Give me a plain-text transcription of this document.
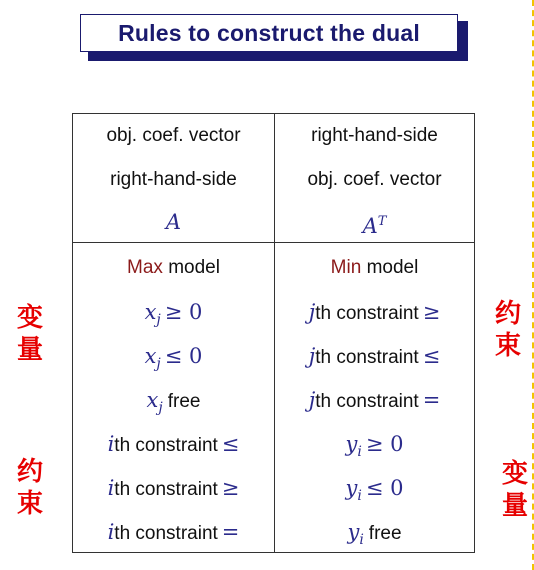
Rules to construct the dual
obj. coef. vector	right-hand-side
right-hand-side	obj. coef. vector
A	$A^T$
Max model	Min model
$x_j \ge 0$	jth constraint ≥
$x_j \le 0$	jth constraint ≤
$x_j$ free	jth constraint =
ith constraint ≤	$y_i \ge 0$
ith constraint ≥	$y_i \le 0$
ith constraint =	$y_i$ free
变
量
约
束
约
束
变
量
